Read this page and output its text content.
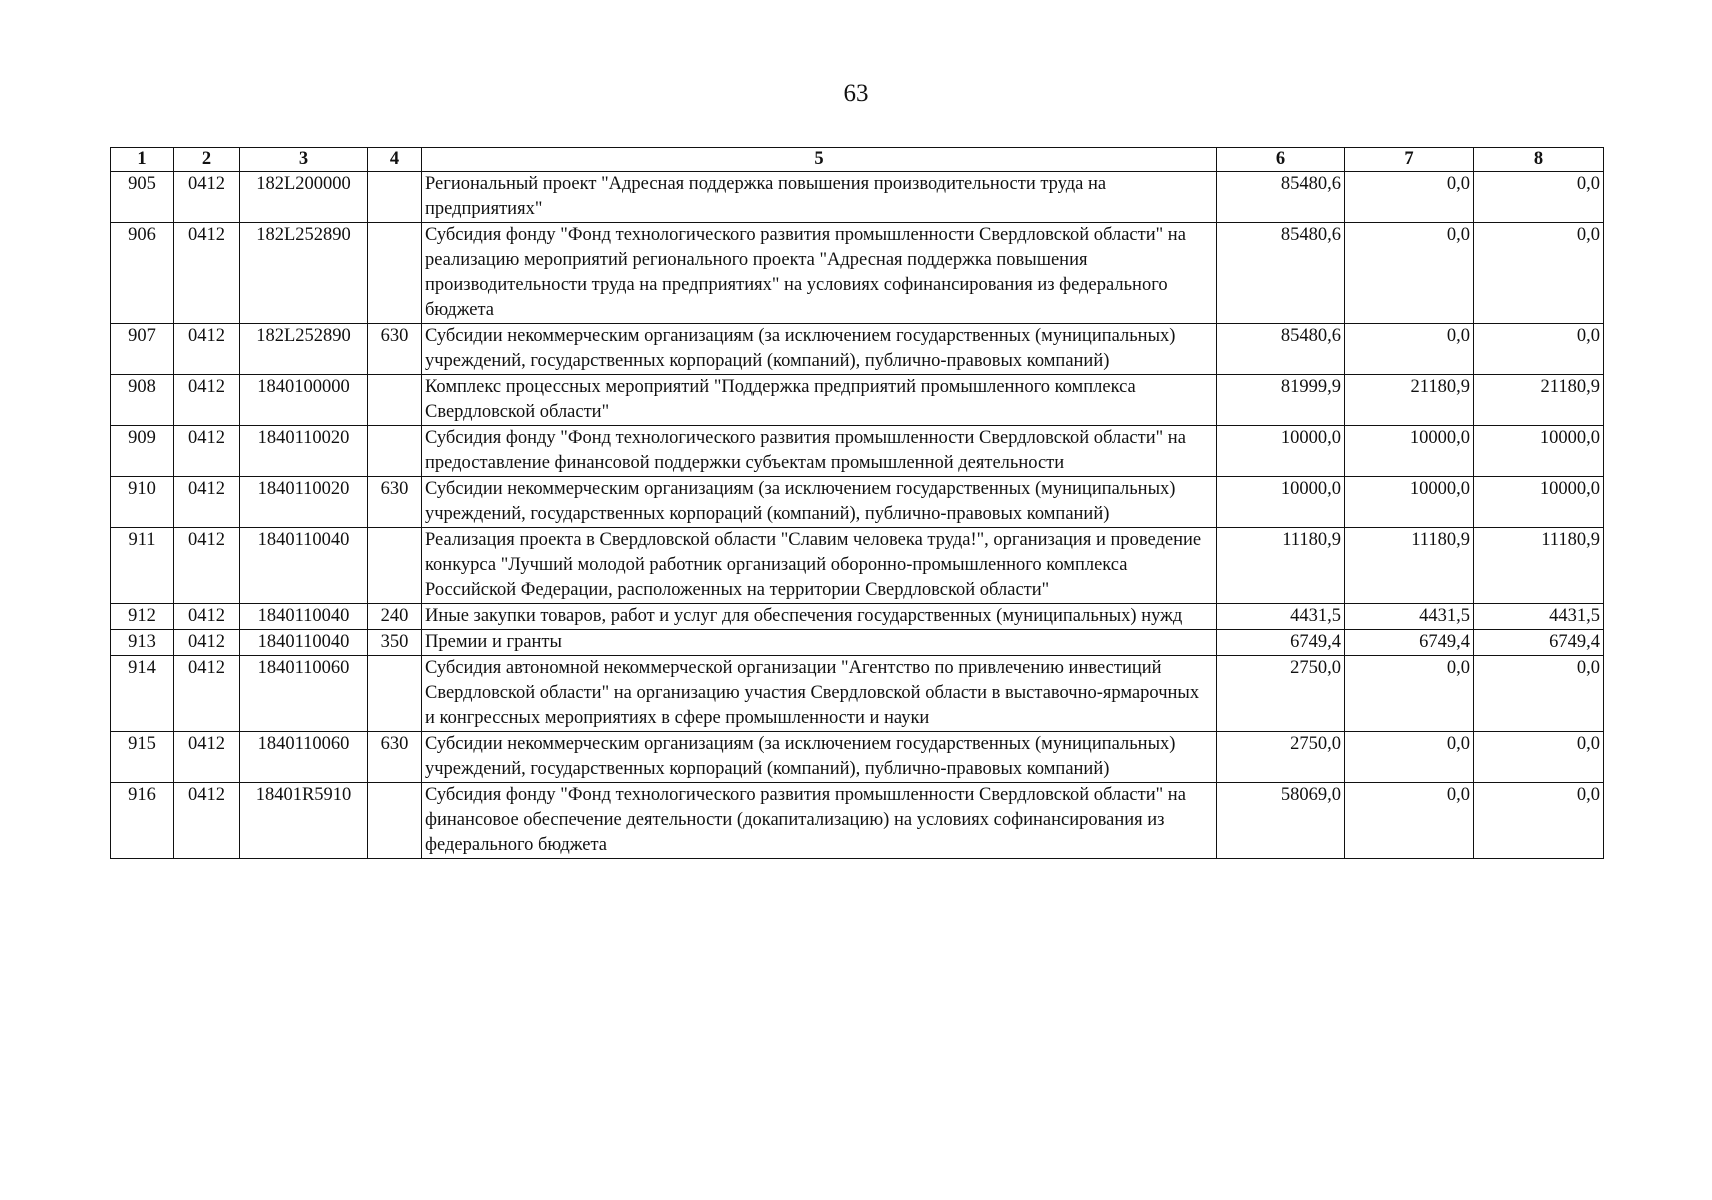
63
1	2	3	4	5	6	7	8
905	0412	182L200000		Региональный проект "Адресная поддержка повышения производительности труда на предприятиях"	85480,6	0,0	0,0
906	0412	182L252890		Субсидия фонду "Фонд технологического развития промышленности Свердловской области" на реализацию мероприятий регионального проекта "Адресная поддержка повышения производительности труда на предприятиях" на условиях софинансирования из федерального бюджета	85480,6	0,0	0,0
907	0412	182L252890	630	Субсидии некоммерческим организациям (за исключением государственных (муниципальных) учреждений, государственных корпораций (компаний), публично-правовых компаний)	85480,6	0,0	0,0
908	0412	1840100000		Комплекс процессных мероприятий "Поддержка предприятий промышленного комплекса Свердловской области"	81999,9	21180,9	21180,9
909	0412	1840110020		Субсидия фонду "Фонд технологического развития промышленности Свердловской области" на предоставление финансовой поддержки субъектам промышленной деятельности	10000,0	10000,0	10000,0
910	0412	1840110020	630	Субсидии некоммерческим организациям (за исключением государственных (муниципальных) учреждений, государственных корпораций (компаний), публично-правовых компаний)	10000,0	10000,0	10000,0
911	0412	1840110040		Реализация проекта в Свердловской области "Славим человека труда!", организация и проведение конкурса "Лучший молодой работник организаций оборонно-промышленного комплекса Российской Федерации, расположенных на территории Свердловской области"	11180,9	11180,9	11180,9
912	0412	1840110040	240	Иные закупки товаров, работ и услуг для обеспечения государственных (муниципальных) нужд	4431,5	4431,5	4431,5
913	0412	1840110040	350	Премии и гранты	6749,4	6749,4	6749,4
914	0412	1840110060		Субсидия автономной некоммерческой организации "Агентство по привлечению инвестиций Свердловской области" на организацию участия Свердловской области в выставочно-ярмарочных и конгрессных мероприятиях в сфере промышленности и науки	2750,0	0,0	0,0
915	0412	1840110060	630	Субсидии некоммерческим организациям (за исключением государственных (муниципальных) учреждений, государственных корпораций (компаний), публично-правовых компаний)	2750,0	0,0	0,0
916	0412	18401R5910		Субсидия фонду "Фонд технологического развития промышленности Свердловской области" на финансовое обеспечение деятельности (докапитализацию) на условиях софинансирования из федерального бюджета	58069,0	0,0	0,0
